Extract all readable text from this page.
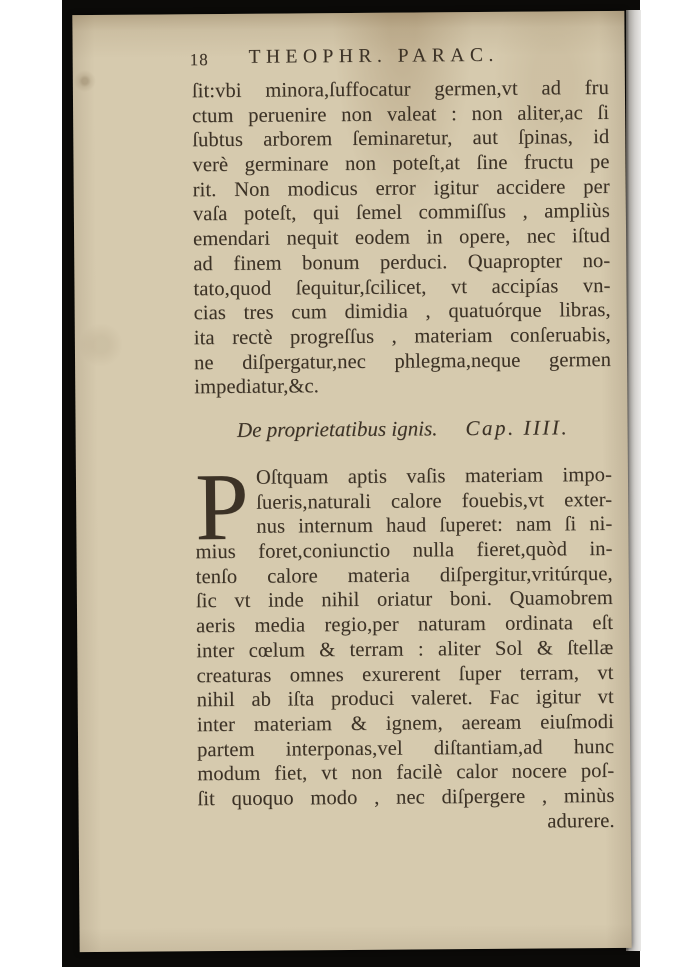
18	THEOPHR. PARAC.
ſit:vbi minora,ſuffocatur germen,vt ad fru
ctum peruenire non valeat : non aliter,ac ſi
ſubtus arborem ſeminaretur, aut ſpinas, id
verè germinare non poteſt,at ſine fructu pe
rit. Non modicus error igitur accidere per
vaſa poteſt, qui ſemel commiſſus , ampliùs
emendari nequit eodem in opere, nec iſtud
ad finem bonum perduci. Quapropter no-
tato,quod ſequitur,ſcilicet, vt accipías vn-
cias tres cum dimidia , quatuórque libras,
ita rectè progreſſus , materiam conſeruabis,
ne diſpergatur,nec phlegma,neque germen
impediatur,&c.
De proprietatibus ignis. Cap. IIII.
P Oſtquam aptis vaſis materiam impo-
ſueris,naturali calore fouebis,vt exter-
nus internum haud ſuperet: nam ſi ni-
mius foret,coniunctio nulla fieret,quòd in-
tenſo calore materia diſpergitur,vritúrque,
ſic vt inde nihil oriatur boni. Quamobrem
aeris media regio,per naturam ordinata eſt
inter cœlum & terram : aliter Sol & ſtellæ
creaturas omnes exurerent ſuper terram, vt
nihil ab iſta produci valeret. Fac igitur vt
inter materiam & ignem, aeream eiuſmodi
partem interponas,vel diſtantiam,ad hunc
modum fiet, vt non facilè calor nocere poſ-
ſit quoquo modo , nec diſpergere , minùs
adurere.
